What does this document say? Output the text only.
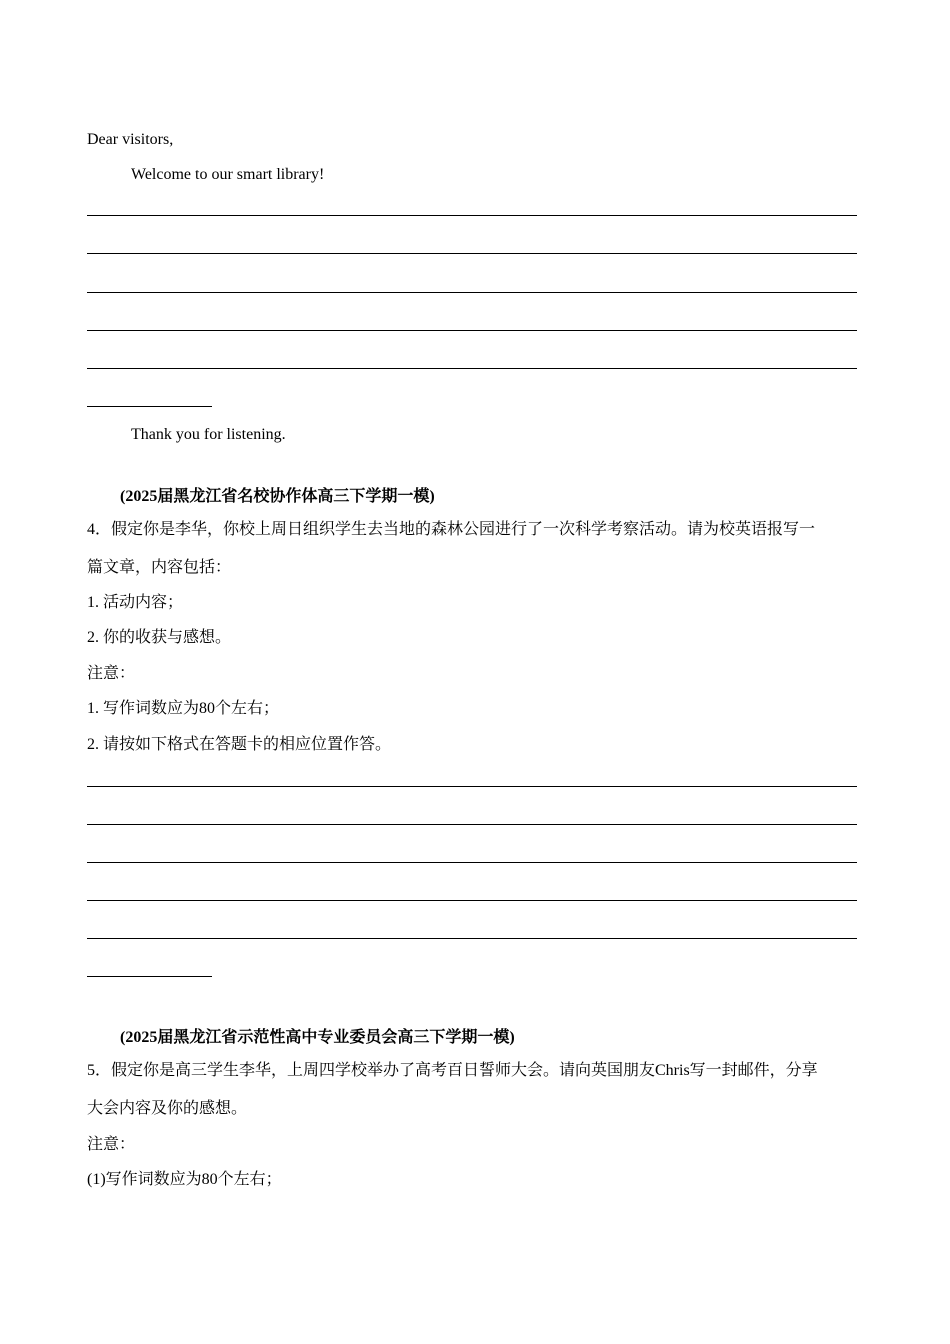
Dear visitors,
Welcome to our smart library!
Thank you for listening.
(2025届黑龙江省名校协作体高三下学期一模)
4．假定你是李华，你校上周日组织学生去当地的森林公园进行了一次科学考察活动。请为校英语报写一
篇文章，内容包括：
1. 活动内容；
2. 你的收获与感想。
注意：
1. 写作词数应为80个左右；
2. 请按如下格式在答题卡的相应位置作答。
(2025届黑龙江省示范性高中专业委员会高三下学期一模)
5．假定你是高三学生李华，上周四学校举办了高考百日誓师大会。请向英国朋友Chris写一封邮件，分享
大会内容及你的感想。
注意：
(1)写作词数应为80个左右；
